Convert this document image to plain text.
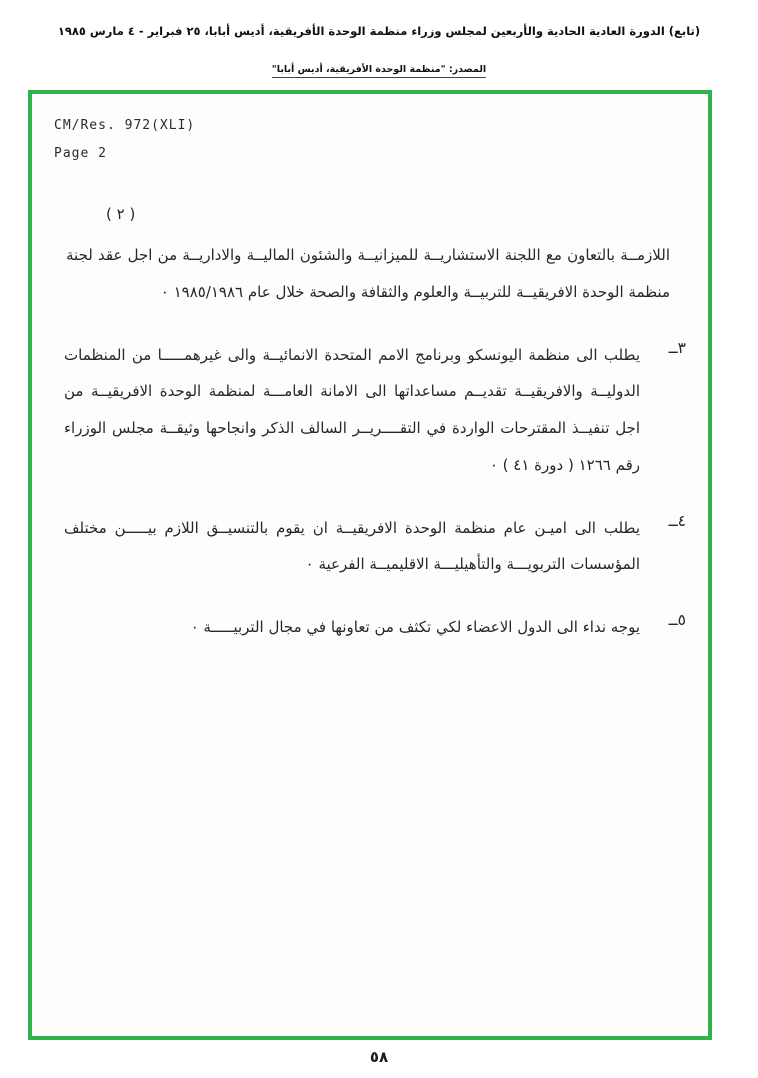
(تابع) الدورة العادية الحادية والأربعين لمجلس وزراء منظمة الوحدة الأفريقية، أديس أبابا، ٢٥ فبراير - ٤ مارس ١٩٨٥

المصدر: "منظمة الوحدة الأفريقية، أديس أبابا"
CM/Res. 972(XLI)
Page 2
( ٢ )
اللازمــة بالتعاون مع اللجنة الاستشاريــة للميزانيــة والشئون الماليــة والاداريــة من اجل عقد لجنة منظمة الوحدة الافريقيــة للتربيــة والعلوم والثقافة والصحة خلال عام ١٩٨٥/١٩٨٦ ٠
٣ــ
يطلب الى منظمة اليونسكو وبرنامج الامم المتحدة الانمائيــة والى غيرهمـــــا من المنظمات الدوليــة والافريقيــة تقديــم مساعداتها الى الامانة العامـــة لمنظمة الوحدة الافريقيــة من اجل تنفيــذ المقترحات الواردة في التقــــريــر السالف الذكر وانجاحها وثيقــة مجلس الوزراء رقم ١٢٦٦ ( دورة ٤١ ) ٠
٤ــ
يطلب الى اميـن عام منظمة الوحدة الافريقيــة ان يقوم بالتنسيــق اللازم بيـــــن مختلف المؤسسات التربويـــة والتأهيليـــة الاقليميــة الفرعية ٠
٥ــ
يوجه نداء الى الدول الاعضاء لكي تكثف من تعاونها في مجال التربيـــــة ٠
٥٨
